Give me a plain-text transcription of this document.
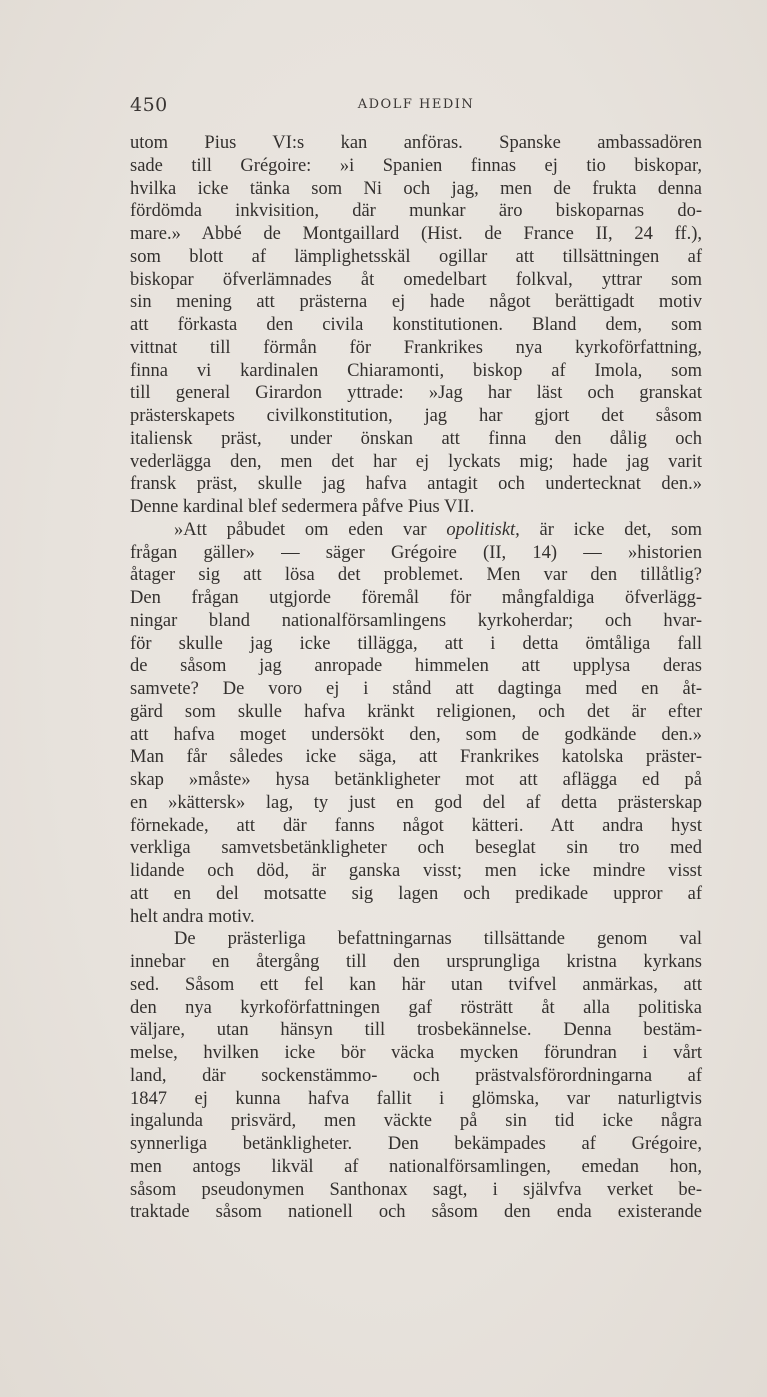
450	ADOLF HEDIN
utom Pius VI:s kan anföras. Spanske ambassadören
sade till Grégoire: »i Spanien finnas ej tio biskopar,
hvilka icke tänka som Ni och jag, men de frukta denna
fördömda inkvisition, där munkar äro biskoparnas do-
mare.» Abbé de Montgaillard (Hist. de France II, 24 ff.),
som blott af lämplighetsskäl ogillar att tillsättningen af
biskopar öfverlämnades åt omedelbart folkval, yttrar som
sin mening att prästerna ej hade något berättigadt motiv
att förkasta den civila konstitutionen. Bland dem, som
vittnat till förmån för Frankrikes nya kyrkoförfattning,
finna vi kardinalen Chiaramonti, biskop af Imola, som
till general Girardon yttrade: »Jag har läst och granskat
prästerskapets civilkonstitution, jag har gjort det såsom
italiensk präst, under önskan att finna den dålig och
vederlägga den, men det har ej lyckats mig; hade jag varit
fransk präst, skulle jag hafva antagit och undertecknat den.»
Denne kardinal blef sedermera påfve Pius VII.
»Att påbudet om eden var opolitiskt, är icke det, som
frågan gäller» — säger Grégoire (II, 14) — »historien
åtager sig att lösa det problemet. Men var den tillåtlig?
Den frågan utgjorde föremål för mångfaldiga öfverlägg-
ningar bland nationalförsamlingens kyrkoherdar; och hvar-
för skulle jag icke tillägga, att i detta ömtåliga fall
de såsom jag anropade himmelen att upplysa deras
samvete? De voro ej i stånd att dagtinga med en åt-
gärd som skulle hafva kränkt religionen, och det är efter
att hafva moget undersökt den, som de godkände den.»
Man får således icke säga, att Frankrikes katolska präster-
skap »måste» hysa betänkligheter mot att aflägga ed på
en »kättersk» lag, ty just en god del af detta prästerskap
förnekade, att där fanns något kätteri. Att andra hyst
verkliga samvetsbetänkligheter och beseglat sin tro med
lidande och död, är ganska visst; men icke mindre visst
att en del motsatte sig lagen och predikade uppror af
helt andra motiv.
De prästerliga befattningarnas tillsättande genom val
innebar en återgång till den ursprungliga kristna kyrkans
sed. Såsom ett fel kan här utan tvifvel anmärkas, att
den nya kyrkoförfattningen gaf rösträtt åt alla politiska
väljare, utan hänsyn till trosbekännelse. Denna bestäm-
melse, hvilken icke bör väcka mycken förundran i vårt
land, där sockenstämmo- och prästvalsförordningarna af
1847 ej kunna hafva fallit i glömska, var naturligtvis
ingalunda prisvärd, men väckte på sin tid icke några
synnerliga betänkligheter. Den bekämpades af Grégoire,
men antogs likväl af nationalförsamlingen, emedan hon,
såsom pseudonymen Santhonax sagt, i självfva verket be-
traktade såsom nationell och såsom den enda existerande
